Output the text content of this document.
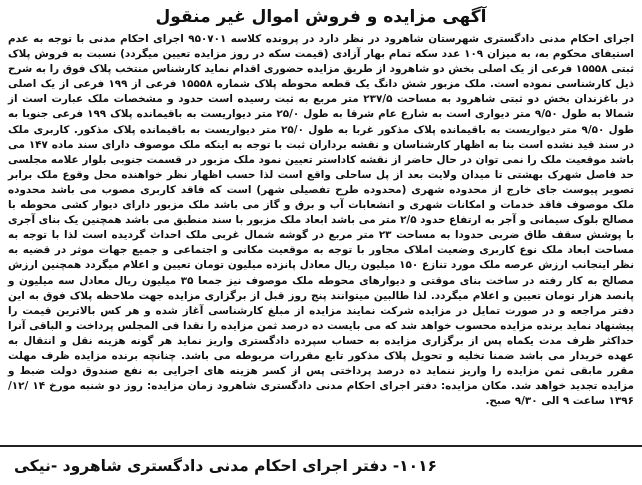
آگهی مزایده و فروش اموال غیر منقول

اجرای احکام مدنی دادگستری شهرستان شاهرود در نظر دارد در پرونده کلاسه ۹۵۰۷۰۱ اجرای احکام مدنی با توجه به عدم استیفای محکوم به، به میزان ۱۰۹ عدد سکه تمام بهار آزادی (قیمت سکه در روز مزایده تعیین میگردد) نسبت به فروش پلاک ثبتی ۱۵۵۵۸ فرعی از یک اصلی بخش دو شاهرود از طریق مزایده حضوری اقدام نماید کارشناس منتخب پلاک فوق را به شرح ذیل کارشناسی نموده است. ملک مزبور شش دانگ یک قطعه محوطه پلاک شماره ۱۵۵۵۸ فرعی از ۱۹۹ فرعی از یک اصلی در باغزندان بخش دو ثبتی شاهرود به مساحت ۲۳۷/۵ متر مربع به ثبت رسیده است حدود و مشخصات ملک عبارت است از شمالا به طول ۹/۵۰ متر دیواری است به شارع عام شرقا به طول ۲۵/۰ متر دیواریست به باقیمانده پلاک ۱۹۹ فرعی جنوبا به طول ۹/۵۰ متر دیواریست به باقیمانده پلاک مذکور غربا به طول ۲۵/۰ متر دیواریست به باقیمانده پلاک مذکور. کاربری ملک در سند قید نشده است بنا به اظهار کارشناسان و نقشه برداران ثبت با توجه به اینکه ملک موصوف دارای سند ماده ۱۴۷ می باشد موقعیت ملک را نمی توان در حال حاضر از نقشه کاداستر تعیین نمود ملک مزبور در قسمت جنوبی بلوار علامه مجلسی حد فاصل شهرک بهشتی تا میدان ولایت بعد از پل ساحلی واقع است لذا حسب اظهار نظر خواهنده محل وقوع ملک برابر تصویر پیوست جای خارج از محدوده شهری (محدوده طرح تفصیلی شهر) است که فاقد کاربری مصوب می باشد محدوده ملک موصوف فاقد خدمات و امکانات شهری و انشعابات آب و برق و گاز می باشد ملک مزبور دارای دیوار کشی محوطه با مصالح بلوک سیمانی و آجر به ارتفاع حدود ۲/۵ متر می باشد ابعاد ملک مزبور با سند منطبق می باشد همچنین یک بنای آجری با پوشش سقف طاق ضربی حدودا به مساحت ۲۳ متر مربع در گوشه شمال غربی ملک احداث گردیده است لذا با توجه به مساحت ابعاد ملک نوع کاربری وضعیت املاک مجاور با توجه به موقعیت مکانی و اجتماعی و جمیع جهات موثر در قضیه به نظر اینجانب ارزش عرصه ملک مورد تنازع ۱۵۰ میلیون ریال معادل پانزده میلیون تومان تعیین و اعلام میگردد همچنین ارزش مصالح به کار رفته در ساخت بنای موقتی و دیوارهای محوطه ملک موصوف نیز جمعا ۳۵ میلیون ریال معادل سه میلیون و پانصد هزار تومان تعیین و اعلام میگردد. لذا طالبین میتوانند پنج روز قبل از برگزاری مزایده جهت ملاحظه پلاک فوق به این دفتر مراجعه و در صورت تمایل در مزایده شرکت نمایند مزایده از مبلغ کارشناسی آغاز شده و هر کس بالاترین قیمت را پیشنهاد نماید برنده مزایده محسوب خواهد شد که می بایست ده درصد ثمن مزایده را نقدا فی المجلس پرداخت و الباقی آنرا حداکثر ظرف مدت یکماه پس از برگزاری مزایده به حساب سپرده دادگستری واریز نماید هر گونه هزینه نقل و انتقال به عهده خریدار می باشد ضمنا تخلیه و تحویل پلاک مذکور تابع مقررات مربوطه می باشد. چنانچه برنده مزایده ظرف مهلت مقرر مابقی ثمن مزایده را واریز ننماید ده درصد پرداختی پس از کسر هزینه های اجرایی به نفع صندوق دولت ضبط و مزایده تجدید خواهد شد. مکان مزایده: دفتر اجرای احکام مدنی دادگستری شاهرود زمان مزایده: روز دو شنبه مورخ ۱۴ /۱۲/ ۱۳۹۶ ساعت ۹ الی ۹/۳۰ صبح.

۱۰۱۶- دفتر اجرای احکام مدنی دادگستری شاهرود -نیکی
